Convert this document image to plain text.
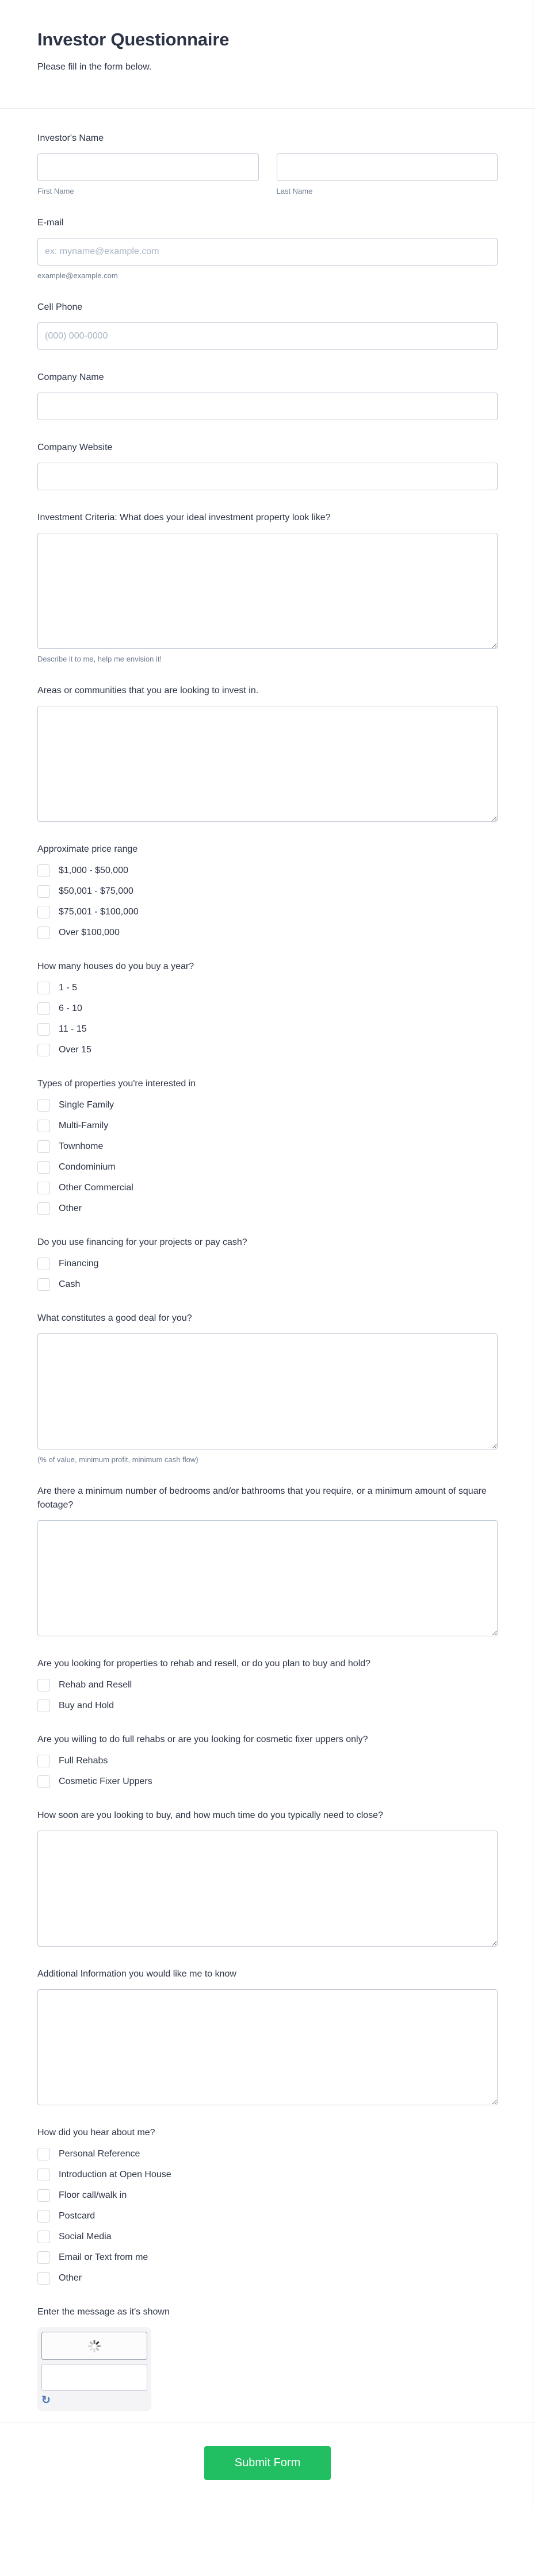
Investor Questionnaire
Please fill in the form below.
Investor's Name
First Name	Last Name
E-mail
ex: myname@example.com
example@example.com
Cell Phone
(000) 000-0000
Company Name
Company Website
Investment Criteria: What does your ideal investment property look like?
Describe it to me, help me envision it!
Areas or communities that you are looking to invest in.
Approximate price range
$1,000 - $50,000
$50,001 - $75,000
$75,001 - $100,000
Over $100,000
How many houses do you buy a year?
1 - 5
6 - 10
11 - 15
Over 15
Types of properties you're interested in
Single Family
Multi-Family
Townhome
Condominium
Other Commercial
Other
Do you use financing for your projects or pay cash?
Financing
Cash
What constitutes a good deal for you?
(% of value, minimum profit, minimum cash flow)
Are there a minimum number of bedrooms and/or bathrooms that you require, or a minimum amount of square footage?
Are you looking for properties to rehab and resell, or do you plan to buy and hold?
Rehab and Resell
Buy and Hold
Are you willing to do full rehabs or are you looking for cosmetic fixer uppers only?
Full Rehabs
Cosmetic Fixer Uppers
How soon are you looking to buy, and how much time do you typically need to close?
Additional Information you would like me to know
How did you hear about me?
Personal Reference
Introduction at Open House
Floor call/walk in
Postcard
Social Media
Email or Text from me
Other
Enter the message as it's shown
↻
Submit Form
